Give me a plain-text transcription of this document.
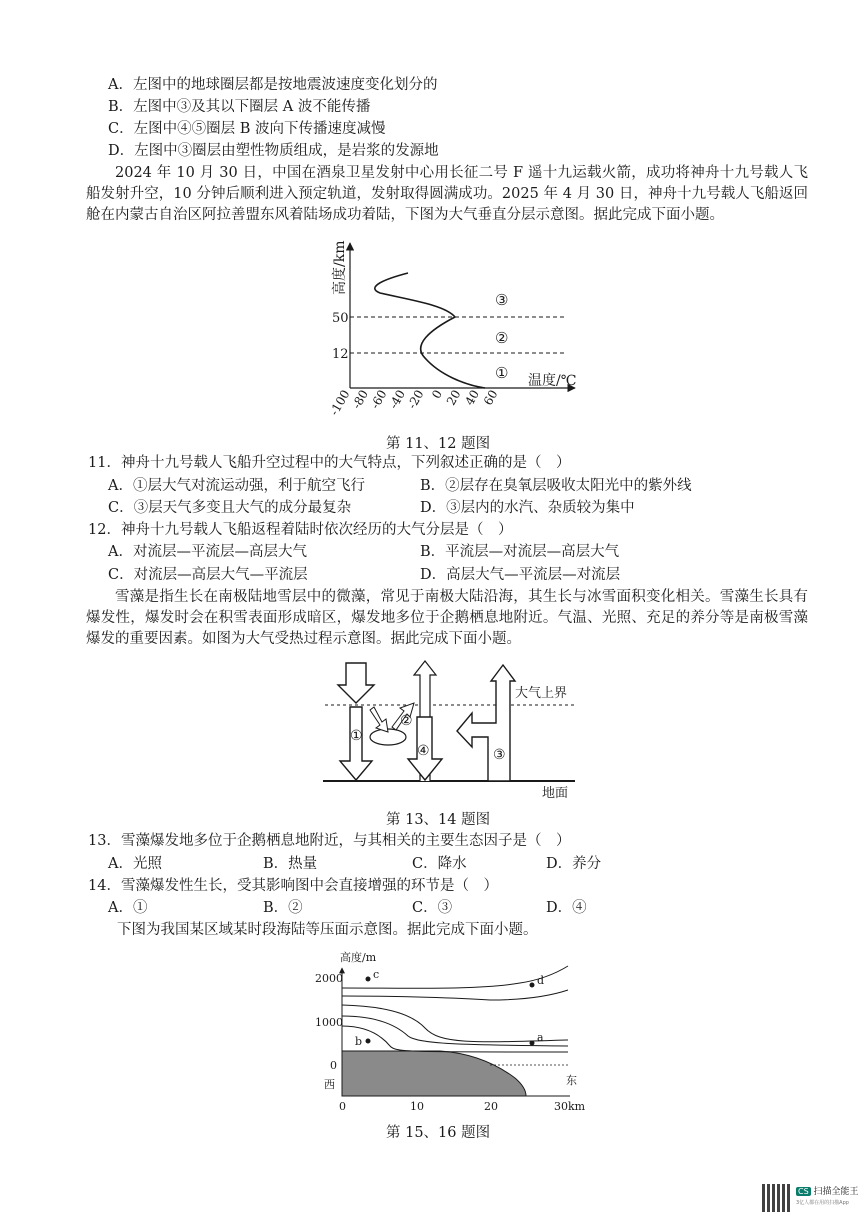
A．左图中的地球圈层都是按地震波速度变化划分的
B．左图中③及其以下圈层 A 波不能传播
C．左图中④⑤圈层 B 波向下传播速度减慢
D．左图中③圈层由塑性物质组成，是岩浆的发源地
2024 年 10 月 30 日，中国在酒泉卫星发射中心用长征二号 F 遥十九运载火箭，成功将神舟十九号载人飞船发射升空，10 分钟后顺利进入预定轨道，发射取得圆满成功。2025 年 4 月 30 日，神舟十九号载人飞船返回舱在内蒙古自治区阿拉善盟东风着陆场成功着陆，下图为大气垂直分层示意图。据此完成下面小题。
高度/km
温度/℃
50
12
③
②
①
-100
-80
-60
-40
-20 0
20
40
60
第 11、12 题图
11．神舟十九号载人飞船升空过程中的大气特点，下列叙述正确的是（　）
A．①层大气对流运动强，利于航空飞行	B．②层存在臭氧层吸收太阳光中的紫外线
C．③层天气多变且大气的成分最复杂	D．③层内的水汽、杂质较为集中
12．神舟十九号载人飞船返程着陆时依次经历的大气分层是（　）
A．对流层—平流层—高层大气	B．平流层—对流层—高层大气
C．对流层—高层大气—平流层	D．高层大气—平流层—对流层
雪藻是指生长在南极陆地雪层中的微藻，常见于南极大陆沿海，其生长与冰雪面积变化相关。雪藻生长具有爆发性，爆发时会在积雪表面形成暗区，爆发地多位于企鹅栖息地附近。气温、光照、充足的养分等是南极雪藻爆发的重要因素。如图为大气受热过程示意图。据此完成下面小题。
大气上界
地面
①
②
④	③
第 13、14 题图
13．雪藻爆发地多位于企鹅栖息地附近，与其相关的主要生态因子是（　）
A．光照	B．热量	C．降水	D．养分
14．雪藻爆发性生长，受其影响图中会直接增强的环节是（　）
A．①	B．②	C．③	D．④
下图为我国某区域某时段海陆等压面示意图。据此完成下面小题。
高度/m
2000
1000
0
西	东
c	d
b	a
0	10	20	30km
第 15、16 题图
CS 扫描全能王
3亿人都在用的扫描App
